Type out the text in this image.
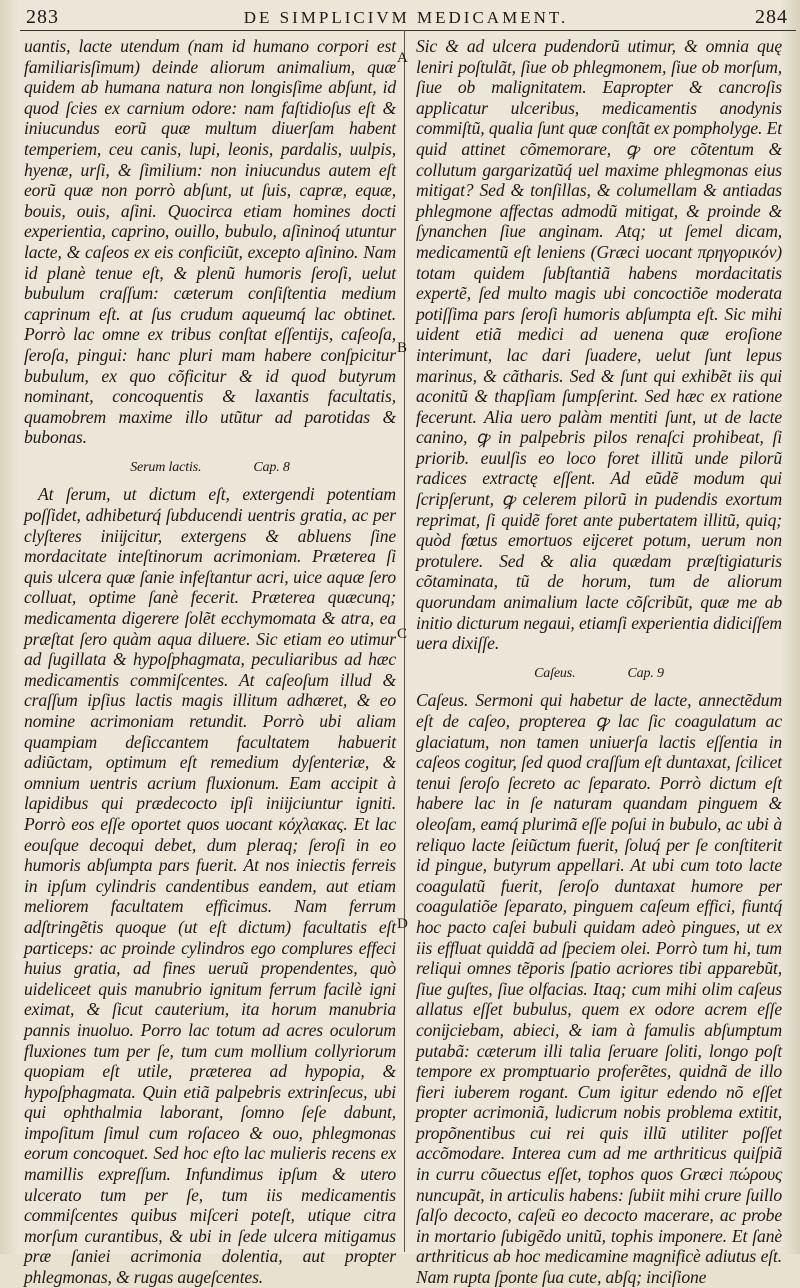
283	DE SIMPLICIVM MEDICAMENT.	284
A
B
C
D

uantis, lacte utendum (nam id humano corpori est familiarisſimum) deinde aliorum animalium, quæ quidem ab humana natura non longisſime abſunt, id quod ſcies ex carnium odore: nam faſtidioſus eſt & iniucundus eorũ quæ multum diuerſam habent temperiem, ceu canis, lupi, leonis, pardalis, uulpis, hyenæ, urſi, & ſimilium: non iniucundus autem eſt eorũ quæ non porrò abſunt, ut ſuis, capræ, equæ, bouis, ouis, aſini. Quocirca etiam homines docti experientia, caprino, ouillo, bubulo, aſininoq́ utuntur lacte, & caſeos ex eis conficiũt, excepto aſinino. Nam id planè tenue eſt, & plenũ humoris ſeroſi, uelut bubulum craſſum: cæterum conſiſtentia medium caprinum eſt. at ſus crudum aqueumq́ lac obtinet. Porrò lac omne ex tribus conſtat eſſentijs, caſeoſa, ſeroſa, pingui: hanc pluri mam habere conſpicitur bubulum, ex quo cõficitur & id quod butyrum nominant, concoquentis & laxantis facultatis, quamobrem maxime illo utũtur ad parotidas & bubonas.

Serum lactis.	Cap. 8

At ſerum, ut dictum eſt, extergendi potentiam poſſidet, adhibeturq́ ſubducendi uentris gratia, ac per clyſteres iniĳcitur, extergens & abluens ſine mordacitate inteſtinorum acrimoniam. Præterea ſi quis ulcera quæ ſanie infeſtantur acri, uice aquæ ſero colluat, optime ſanè fecerit. Præterea quæcunq; medicamenta digerere ſolẽt ecchymomata & atra, ea præſtat ſero quàm aqua diluere. Sic etiam eo utimur ad ſugillata & hypoſphagmata, peculiaribus ad hæc medicamentis commiſcentes. At caſeoſum illud & craſſum ipſius lactis magis illitum adhæret, & eo nomine acrimoniam retundit. Porrò ubi aliam quampiam deſiccantem facultatem habuerit adiũctam, optimum eſt remedium dyſenteriæ, & omnium uentris acrium fluxionum. Eam accipit à lapidibus qui prædecocto ipſi iniĳciuntur igniti. Porrò eos eſſe oportet quos uocant κόχλακας. Et lac eouſque decoqui debet, dum pleraq; ſeroſi in eo humoris abſumpta pars fuerit. At nos iniectis ferreis in ipſum cylindris candentibus eandem, aut etiam meliorem facultatem efficimus. Nam ferrum adſtringẽtis quoque (ut eſt dictum) facultatis eſt particeps: ac proinde cylindros ego complures effeci huius gratia, ad fines ueruũ propendentes, quò uideliceet quis manubrio ignitum ferrum facilè igni eximat, & ſicut cauterium, ita horum manubria pannis inuoluo. Porro lac totum ad acres oculorum fluxiones tum per ſe, tum cum mollium collyriorum quopiam eſt utile, præterea ad hypopia, & hypoſphagmata. Quin etiã palpebris extrinſecus, ubi qui ophthalmia laborant, ſomno ſeſe dabunt, impoſitum ſimul cum roſaceo & ouo, phlegmonas eorum concoquet. Sed hoc eſto lac mulieris recens ex mamillis expreſſum. Infundimus ipſum & utero ulcerato tum per ſe, tum iis medicamentis commiſcentes quibus miſceri poteſt, utique citra morſum curantibus, & ubi in ſede ulcera mitigamus præ ſaniei acrimonia dolentia, aut propter phlegmonas, & rugas augeſcentes.

Sic & ad ulcera pudendorũ utimur, & omnia quę leniri poſtulãt, ſiue ob phlegmonem, ſiue ob morſum, ſiue ob malignitatem. Eapropter & cancroſis applicatur ulceribus, medicamentis anodynis commiſtũ, qualia ſunt quæ conſtãt ex pompholyge. Et quid attinet cõmemorare, ꝙ ore cõtentum & collutum gargarizatũq́ uel maxime phlegmonas eius mitigat? Sed & tonſillas, & columellam & antiadas phlegmone affectas admodũ mitigat, & proinde & ſynanchen ſiue anginam. Atq; ut ſemel dicam, medicamentũ eſt leniens (Græci uocant πρηγορικόν) totam quidem ſubſtantiã habens mordacitatis expertẽ, ſed multo magis ubi concoctiõe moderata potiſſima pars ſeroſi humoris abſumpta eſt. Sic mihi uident etiã medici ad uenena quæ eroſione interimunt, lac dari ſuadere, uelut ſunt lepus marinus, & cãtharis. Sed & ſunt qui exhibẽt iis qui aconitũ & thapſiam ſumpſerint. Sed hæc ex ratione fecerunt. Alia uero palàm mentiti ſunt, ut de lacte canino, ꝙ in palpebris pilos renaſci prohibeat, ſi priorib. euulſis eo loco foret illitũ unde pilorũ radices extractę eſſent. Ad eũdẽ modum qui ſcripſerunt, ꝙ celerem pilorũ in pudendis exortum reprimat, ſi quidẽ foret ante pubertatem illitũ, quiq; quòd fœtus emortuos eĳceret potum, uerum non protulere. Sed & alia quædam præſtigiaturis cõtaminata, tũ de horum, tum de aliorum quorundam animalium lacte cõſcribũt, quæ me ab initio dicturum negaui, etiamſi experientia didiciſſem uera dixiſſe.

Caſeus.	Cap. 9

Caſeus. Sermoni qui habetur de lacte, annectẽdum eſt de caſeo, propterea ꝙ lac ſic coagulatum ac glaciatum, non tamen uniuerſa lactis eſſentia in caſeos cogitur, ſed quod craſſum eſt duntaxat, ſcilicet tenui ſeroſo ſecreto ac ſeparato. Porrò dictum eſt habere lac in ſe naturam quandam pinguem & oleoſam, eamq́ plurimã eſſe poſui in bubulo, ac ubi à reliquo lacte ſeiũctum fuerit, ſoluq́ per ſe conſtiterit id pingue, butyrum appellari. At ubi cum toto lacte coagulatũ fuerit, ſeroſo duntaxat humore per coagulatiõe ſeparato, pinguem caſeum effici, fiuntq́ hoc pacto caſei bubuli quidam adeò pingues, ut ex iis effluat quiddã ad ſpeciem olei. Porrò tum hi, tum reliqui omnes tẽporis ſpatio acriores tibi apparebũt, ſiue guſtes, ſiue olfacias. Itaq; cum mihi olim caſeus allatus eſſet bubulus, quem ex odore acrem eſſe conĳciebam, abieci, & iam à famulis abſumptum putabã: cæterum illi talia ſeruare ſoliti, longo poſt tempore ex promptuario proferẽtes, quidnã de illo fieri iuberem rogant. Cum igitur edendo nõ eſſet propter acrimoniã, ludicrum nobis problema extitit, propõnentibus cui rei quis illũ utiliter poſſet accõmodare. Interea cum ad me arthriticus quiſpiã in curru cõuectus eſſet, tophos quos Græci πώρους nuncupãt, in articulis habens: ſubiit mihi crure ſuillo ſalſo decocto, caſeũ eo decocto macerare, ac probe in mortario ſubigẽdo unitũ, tophis imponere. Et ſanè arthriticus ab hoc medicamine magnificè adiutus eſt. Nam rupta ſponte ſua cute, abſq; inciſione
